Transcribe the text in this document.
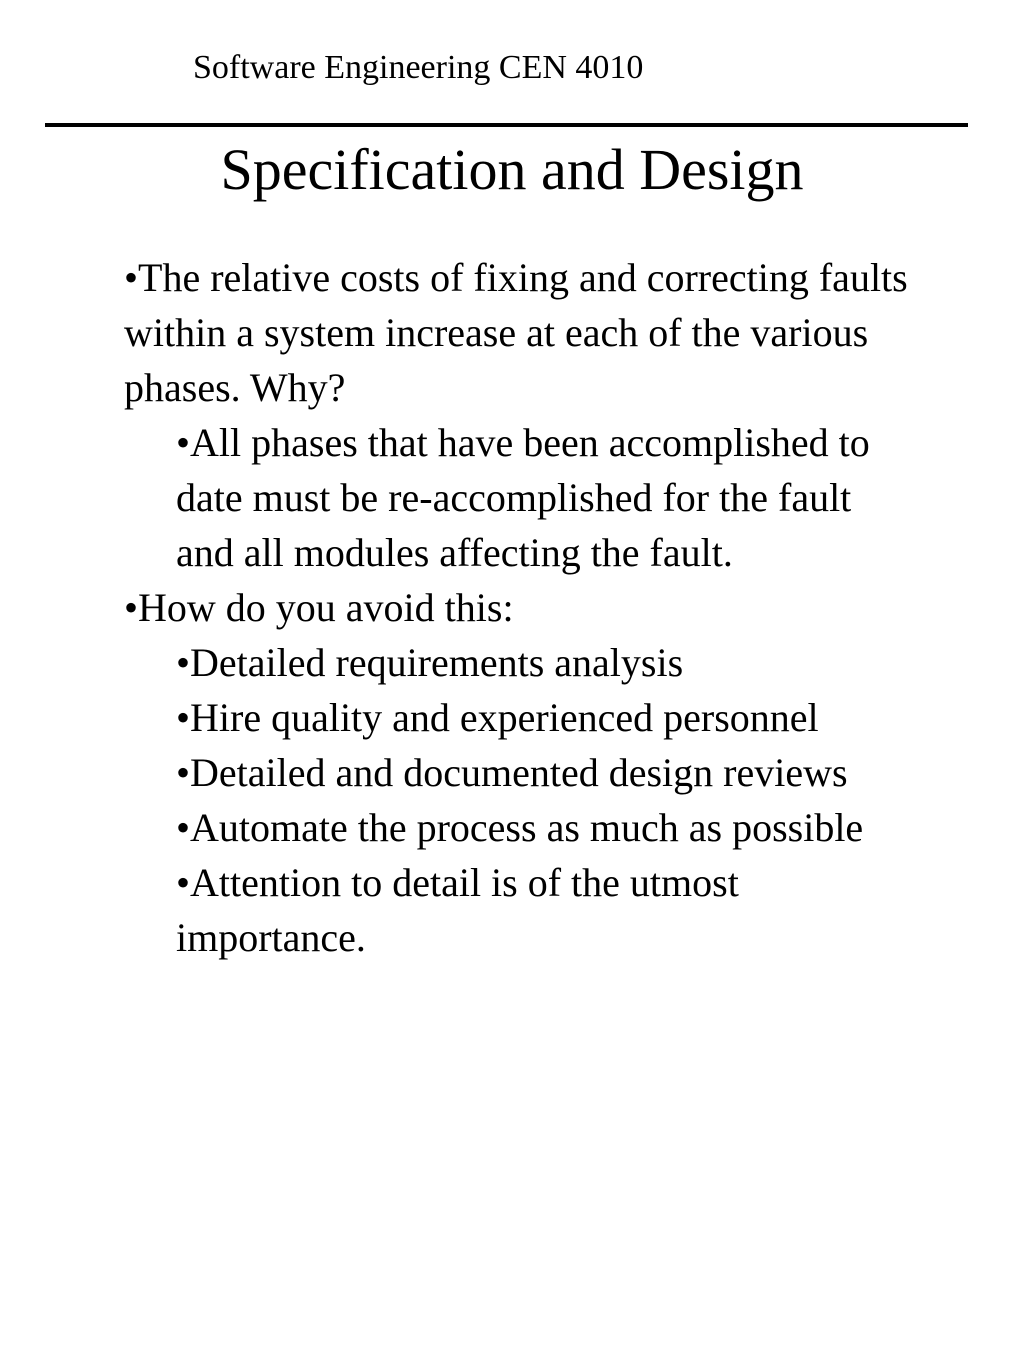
Software Engineering CEN 4010
Specification and Design

•The relative costs of fixing and correcting faults within a system increase at each of the various phases. Why?

•All phases that have been accomplished to date must be re-accomplished for the fault and all modules affecting the fault.

•How do you avoid this:

•Detailed requirements analysis

•Hire quality and experienced personnel

•Detailed and documented design reviews

•Automate the process as much as possible

•Attention to detail is of the utmost importance.
